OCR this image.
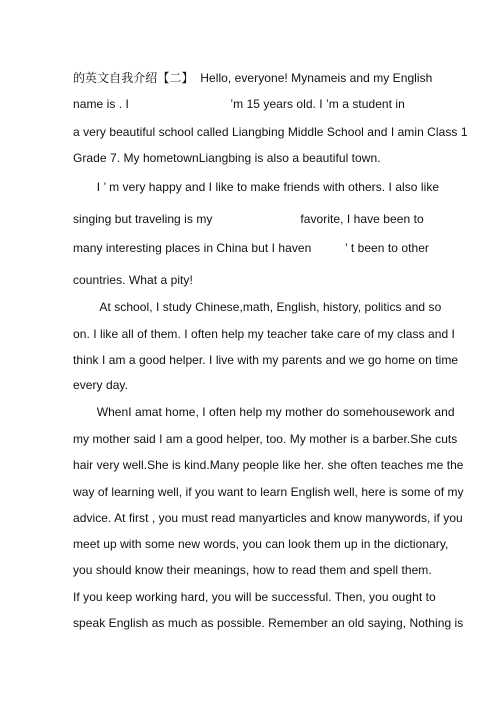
的英文自我介绍【二】  Hello, everyone! Mynameis and my English
name is . I                              ’m 15 years old. I ’m a student in
a very beautiful school called Liangbing Middle School and I amin Class 1
Grade 7. My hometownLiangbing is also a beautiful town.
I ’ m very happy and I like to make friends with others. I also like
singing but traveling is my                          favorite, I have been to
many interesting places in China but I haven          ’ t been to other
countries. What a pity!
At school, I study Chinese,math, English, history, politics and so
on. I like all of them. I often help my teacher take care of my class and I
think I am a good helper. I live with my parents and we go home on time
every day.
WhenI amat home, I often help my mother do somehousework and
my mother said I am a good helper, too. My mother is a barber.She cuts
hair very well.She is kind.Many people like her. she often teaches me the
way of learning well, if you want to learn English well, here is some of my
advice. At first , you must read manyarticles and know manywords, if you
meet up with some new words, you can look them up in the dictionary,
you should know their meanings, how to read them and spell them.
If you keep working hard, you will be successful. Then, you ought to
speak English as much as possible. Remember an old saying, Nothing is
